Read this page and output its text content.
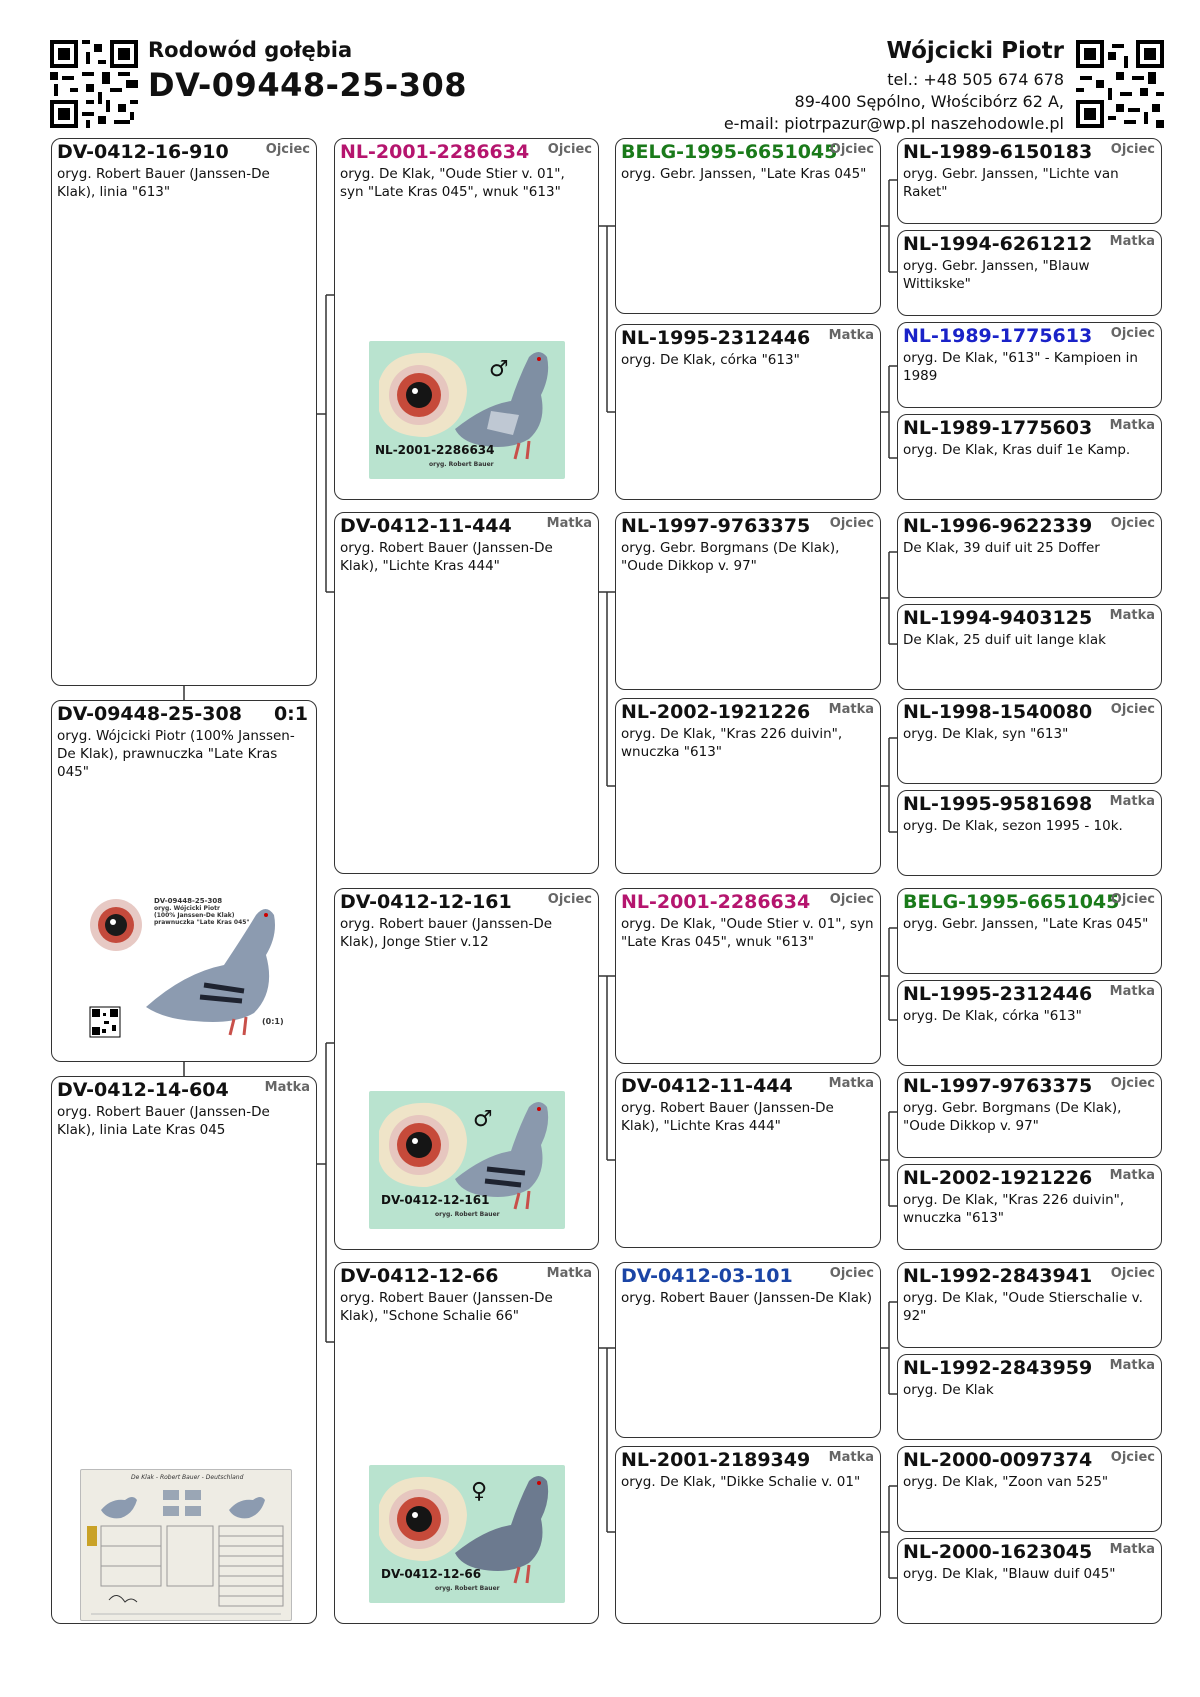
Rodowód gołębia
DV-09448-25-308
Wójcicki Piotr
tel.: +48 505 674 678
89-400 Sępólno, Włościbórz 62 A,
e-mail: piotrpazur@wp.pl naszehodowle.pl
DV-0412-16-910	Ojciec
oryg. Robert Bauer (Janssen-De Klak), linia "613"
DV-09448-25-308 0:1
oryg. Wójcicki Piotr (100% Janssen-De Klak), prawnuczka "Late Kras 045"
DV-09448-25-308
oryg. Wójcicki Piotr
(100% Janssen-De Klak)
prawnuczka "Late Kras 045"
(0:1)
DV-0412-14-604	Matka
oryg. Robert Bauer (Janssen-De Klak), linia Late Kras 045
De Klak - Robert Bauer - Deutschland
NL-2001-2286634 Ojciec
oryg. De Klak, "Oude Stier v. 01", syn "Late Kras 045", wnuk "613"
♂
NL-2001-2286634
oryg. Robert Bauer
DV-0412-11-444	Matka
oryg. Robert Bauer (Janssen-De Klak), "Lichte Kras 444"
DV-0412-12-161	Ojciec
oryg. Robert bauer (Janssen-De Klak), Jonge Stier v.12
♂
DV-0412-12-161
oryg. Robert Bauer
DV-0412-12-66	Matka
oryg. Robert Bauer (Janssen-De Klak), "Schone Schalie 66"
♀
DV-0412-12-66
oryg. Robert Bauer
BELG-1995-6651045
Ojciec
oryg. Gebr. Janssen, "Late Kras 045"
NL-1995-2312446 Matka
oryg. De Klak, córka "613"
NL-1997-9763375 Ojciec
oryg. Gebr. Borgmans (De Klak), "Oude Dikkop v. 97"
NL-2002-1921226 Matka
oryg. De Klak, "Kras 226 duivin", wnuczka "613"
NL-2001-2286634 Ojciec
oryg. De Klak, "Oude Stier v. 01", syn "Late Kras 045", wnuk "613"
DV-0412-11-444	Matka
oryg. Robert Bauer (Janssen-De Klak), "Lichte Kras 444"
DV-0412-03-101	Ojciec
oryg. Robert Bauer (Janssen-De Klak)
NL-2001-2189349 Matka
oryg. De Klak, "Dikke Schalie v. 01"
NL-1989-6150183 Ojciec
oryg. Gebr. Janssen, "Lichte van Raket"
NL-1994-6261212 Matka
oryg. Gebr. Janssen, "Blauw Wittikske"
NL-1989-1775613 Ojciec
oryg. De Klak, "613" - Kampioen in 1989
NL-1989-1775603 Matka
oryg. De Klak, Kras duif 1e Kamp.
NL-1996-9622339 Ojciec
De Klak, 39 duif uit 25 Doffer
NL-1994-9403125 Matka
De Klak, 25 duif uit lange klak
NL-1998-1540080 Ojciec
oryg. De Klak, syn "613"
NL-1995-9581698 Matka
oryg. De Klak, sezon 1995 - 10k.
BELG-1995-6651045
Ojciec
oryg. Gebr. Janssen, "Late Kras 045"
NL-1995-2312446 Matka
oryg. De Klak, córka "613"
NL-1997-9763375 Ojciec
oryg. Gebr. Borgmans (De Klak), "Oude Dikkop v. 97"
NL-2002-1921226 Matka
oryg. De Klak, "Kras 226 duivin", wnuczka "613"
NL-1992-2843941 Ojciec
oryg. De Klak, "Oude Stierschalie v. 92"
NL-1992-2843959 Matka
oryg. De Klak
NL-2000-0097374 Ojciec
oryg. De Klak, "Zoon van 525"
NL-2000-1623045 Matka
oryg. De Klak, "Blauw duif 045"
